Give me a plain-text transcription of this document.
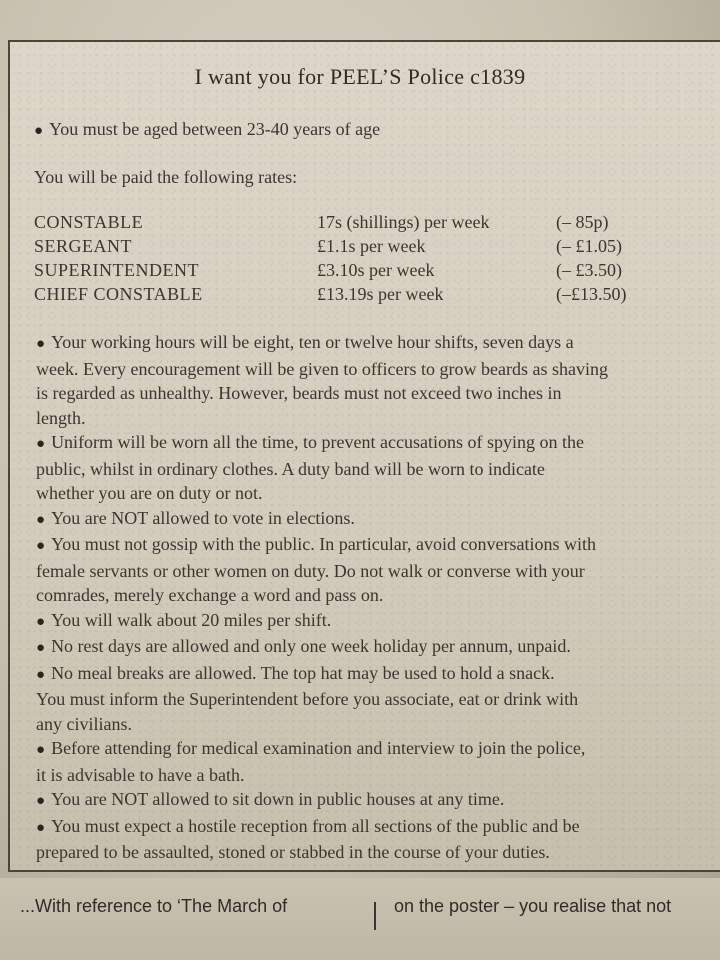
I want you for PEEL’S Police c1839
● You must be aged between 23-40 years of age
You will be paid the following rates:
CONSTABLE	17s (shillings) per week	(– 85p)
SERGEANT	£1.1s per week	(– £1.05)
SUPERINTENDENT	£3.10s per week	(– £3.50)
CHIEF CONSTABLE	£13.19s per week	(–£13.50)

● Your working hours will be eight, ten or twelve hour shifts, seven days a

week. Every encouragement will be given to officers to grow beards as shaving

is regarded as unhealthy. However, beards must not exceed two inches in

length.

● Uniform will be worn all the time, to prevent accusations of spying on the

public, whilst in ordinary clothes. A duty band will be worn to indicate

whether you are on duty or not.

● You are NOT allowed to vote in elections.

● You must not gossip with the public. In particular, avoid conversations with

female servants or other women on duty. Do not walk or converse with your

comrades, merely exchange a word and pass on.

● You will walk about 20 miles per shift.

● No rest days are allowed and only one week holiday per annum, unpaid.

● No meal breaks are allowed. The top hat may be used to hold a snack.

You must inform the Superintendent before you associate, eat or drink with

any civilians.

● Before attending for medical examination and interview to join the police,

it is advisable to have a bath.

● You are NOT allowed to sit down in public houses at any time.

● You must expect a hostile reception from all sections of the public and be

prepared to be assaulted, stoned or stabbed in the course of your duties.

...With reference to ‘The March of	on the poster – you realise that not
